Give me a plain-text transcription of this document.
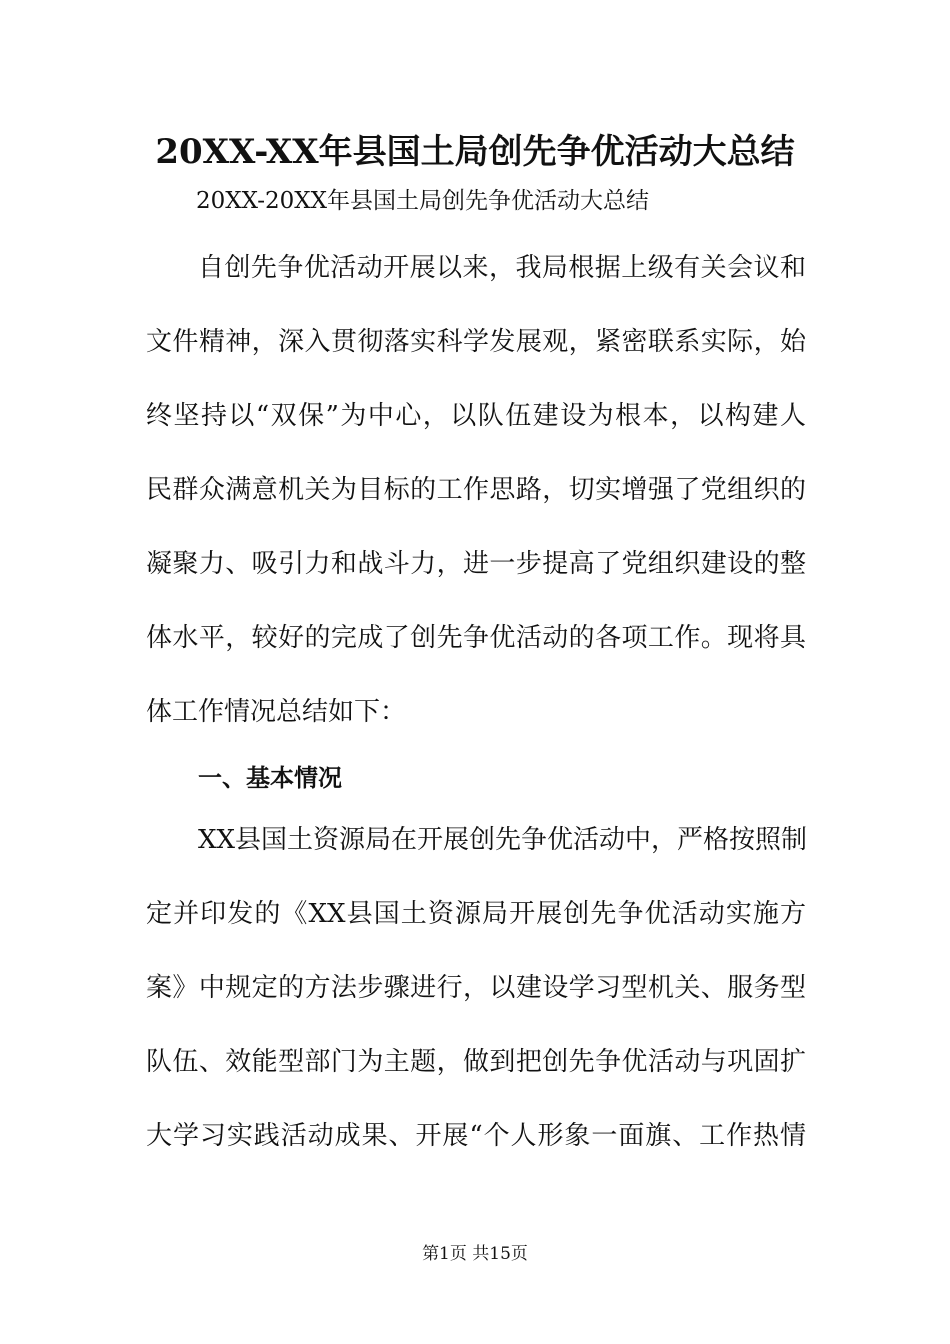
20XX-XX年县国土局创先争优活动大总结
20XX-20XX年县国土局创先争优活动大总结
自创先争优活动开展以来，我局根据上级有关会议和
文件精神，深入贯彻落实科学发展观，紧密联系实际，始
终坚持以“双保”为中心，以队伍建设为根本，以构建人
民群众满意机关为目标的工作思路，切实增强了党组织的
凝聚力、吸引力和战斗力，进一步提高了党组织建设的整
体水平，较好的完成了创先争优活动的各项工作。现将具
体工作情况总结如下：
一、基本情况
XX县国土资源局在开展创先争优活动中，严格按照制
定并印发的《XX县国土资源局开展创先争优活动实施方
案》中规定的方法步骤进行，以建设学习型机关、服务型
队伍、效能型部门为主题，做到把创先争优活动与巩固扩
大学习实践活动成果、开展“个人形象一面旗、工作热情
第1页 共15页
